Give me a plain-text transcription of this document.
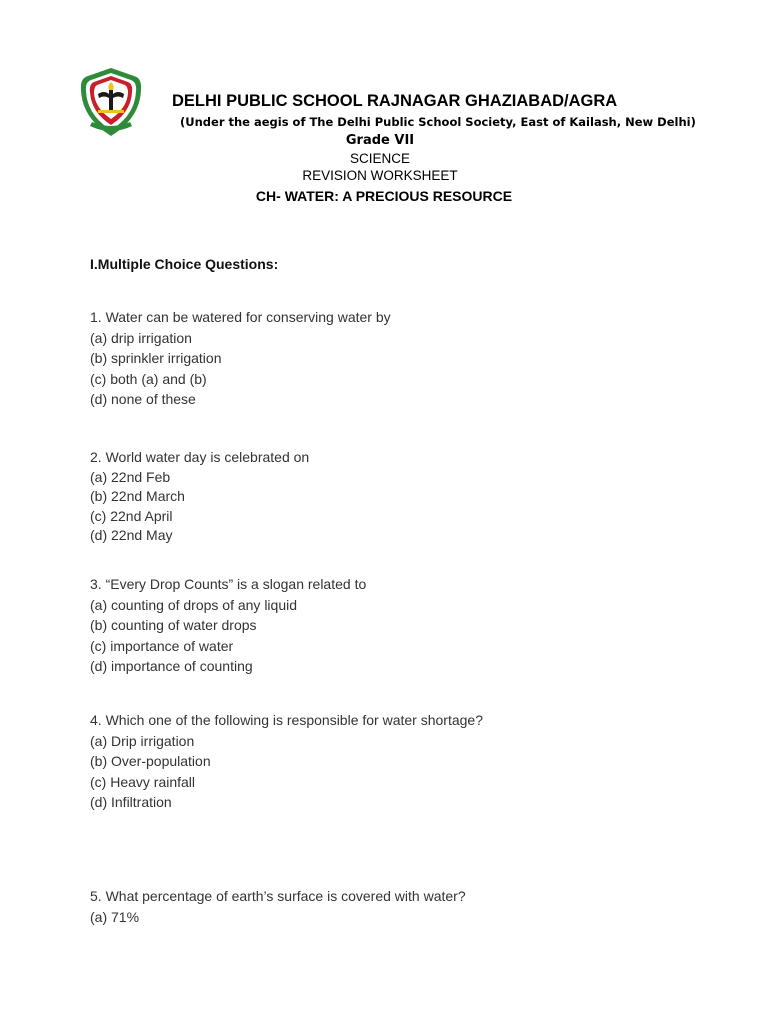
DELHI PUBLIC SCHOOL RAJNAGAR GHAZIABAD/AGRA
(Under the aegis of The Delhi Public School Society, East of Kailash, New Delhi)
Grade VII
SCIENCE
REVISION WORKSHEET
CH- WATER: A PRECIOUS RESOURCE
I.Multiple Choice Questions:
1. Water can be watered for conserving water by
(a) drip irrigation
(b) sprinkler irrigation
(c) both (a) and (b)
(d) none of these
2. World water day is celebrated on
(a) 22nd Feb
(b) 22nd March
(c) 22nd April
(d) 22nd May
3. “Every Drop Counts” is a slogan related to
(a) counting of drops of any liquid
(b) counting of water drops
(c) importance of water
(d) importance of counting
4. Which one of the following is responsible for water shortage?
(a) Drip irrigation
(b) Over-population
(c) Heavy rainfall
(d) Infiltration
5. What percentage of earth’s surface is covered with water?
(a) 71%
